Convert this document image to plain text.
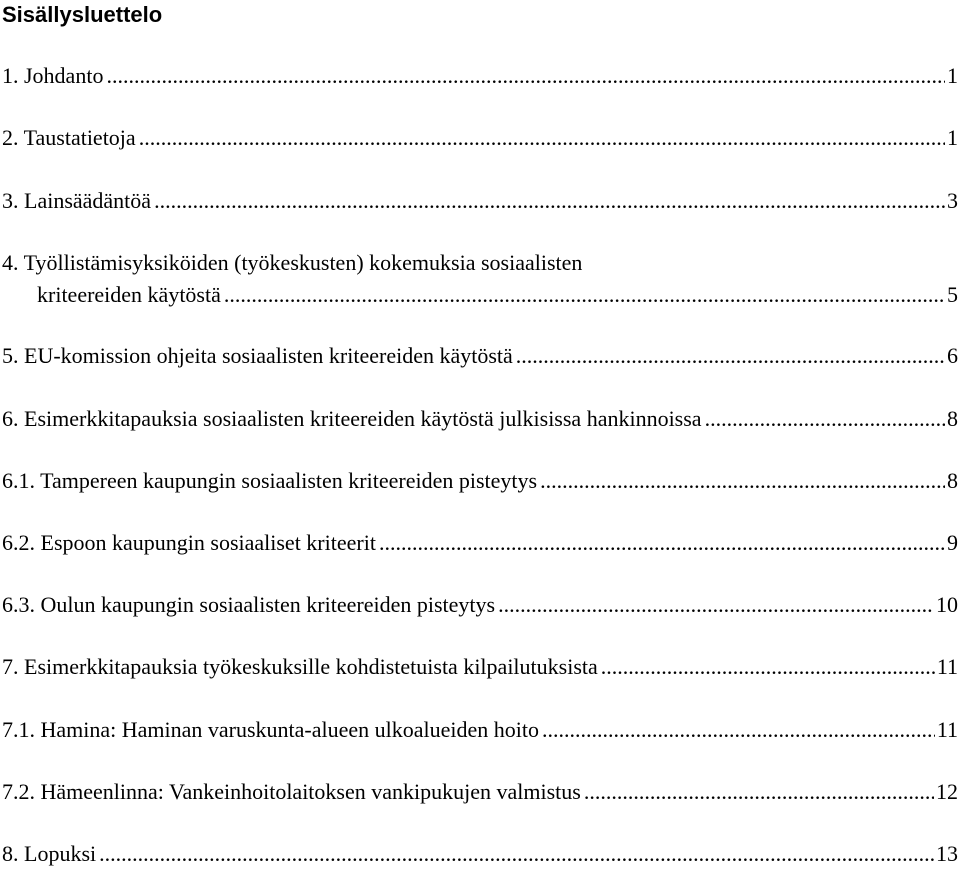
Sisällysluettelo
1. Johdanto .....	1
2. Taustatietoja .....	1
3. Lainsäädäntöä .....	3
4. Työllistämisyksiköiden (työkeskusten) kokemuksia sosiaalisten
kriteereiden käytöstä .....	5
5. EU-komission ohjeita sosiaalisten kriteereiden käytöstä .....	6
6. Esimerkkitapauksia sosiaalisten kriteereiden käytöstä julkisissa hankinnoissa .....	8
6.1. Tampereen kaupungin sosiaalisten kriteereiden pisteytys .....	8
6.2. Espoon kaupungin sosiaaliset kriteerit .....	9
6.3. Oulun kaupungin sosiaalisten kriteereiden pisteytys .....	10
7. Esimerkkitapauksia työkeskuksille kohdistetuista kilpailutuksista .....	11
7.1. Hamina: Haminan varuskunta-alueen ulkoalueiden hoito .....	11
7.2. Hämeenlinna: Vankeinhoitolaitoksen vankipukujen valmistus .....	12
8. Lopuksi .....	13
